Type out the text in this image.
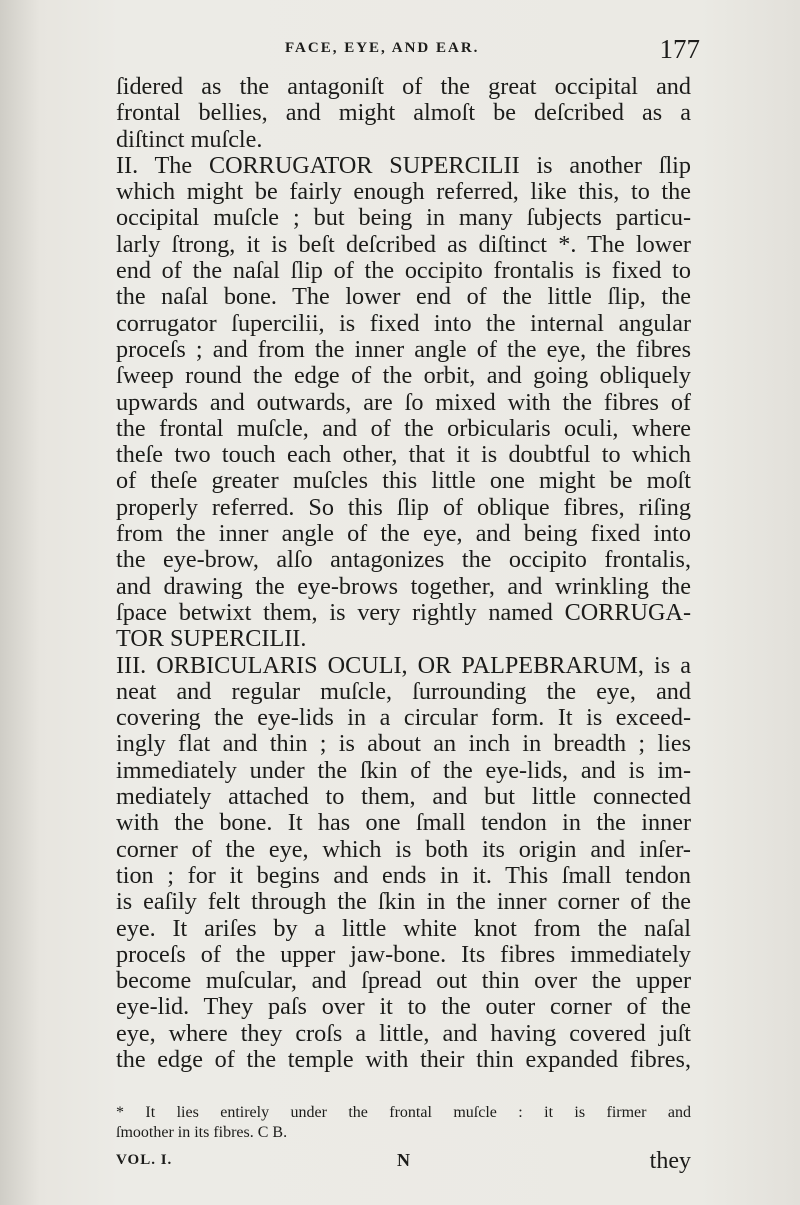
FACE, EYE, AND EAR.	177
ſidered as the antagoniſt of the great occipital and
frontal bellies, and might almoſt be deſcribed as a
diſtinct muſcle.
II. The CORRUGATOR SUPERCILII is another ſlip
which might be fairly enough referred, like this, to the
occipital muſcle ; but being in many ſubjects particu-
larly ſtrong, it is beſt deſcribed as diſtinct *. The lower
end of the naſal ſlip of the occipito frontalis is fixed to
the naſal bone. The lower end of the little ſlip, the
corrugator ſupercilii, is fixed into the internal angular
proceſs ; and from the inner angle of the eye, the fibres
ſweep round the edge of the orbit, and going obliquely
upwards and outwards, are ſo mixed with the fibres of
the frontal muſcle, and of the orbicularis oculi, where
theſe two touch each other, that it is doubtful to which
of theſe greater muſcles this little one might be moſt
properly referred. So this ſlip of oblique fibres, riſing
from the inner angle of the eye, and being fixed into
the eye-brow, alſo antagonizes the occipito frontalis,
and drawing the eye-brows together, and wrinkling the
ſpace betwixt them, is very rightly named CORRUGA-
TOR SUPERCILII.
III. ORBICULARIS OCULI, OR PALPEBRARUM, is a
neat and regular muſcle, ſurrounding the eye, and
covering the eye-lids in a circular form. It is exceed-
ingly flat and thin ; is about an inch in breadth ; lies
immediately under the ſkin of the eye-lids, and is im-
mediately attached to them, and but little connected
with the bone. It has one ſmall tendon in the inner
corner of the eye, which is both its origin and inſer-
tion ; for it begins and ends in it. This ſmall tendon
is eaſily felt through the ſkin in the inner corner of the
eye. It ariſes by a little white knot from the naſal
proceſs of the upper jaw-bone. Its fibres immediately
become muſcular, and ſpread out thin over the upper
eye-lid. They paſs over it to the outer corner of the
eye, where they croſs a little, and having covered juſt
the edge of the temple with their thin expanded fibres,
* It lies entirely under the frontal muſcle : it is firmer and
ſmoother in its fibres. C B.
VOL. I.	N	they
